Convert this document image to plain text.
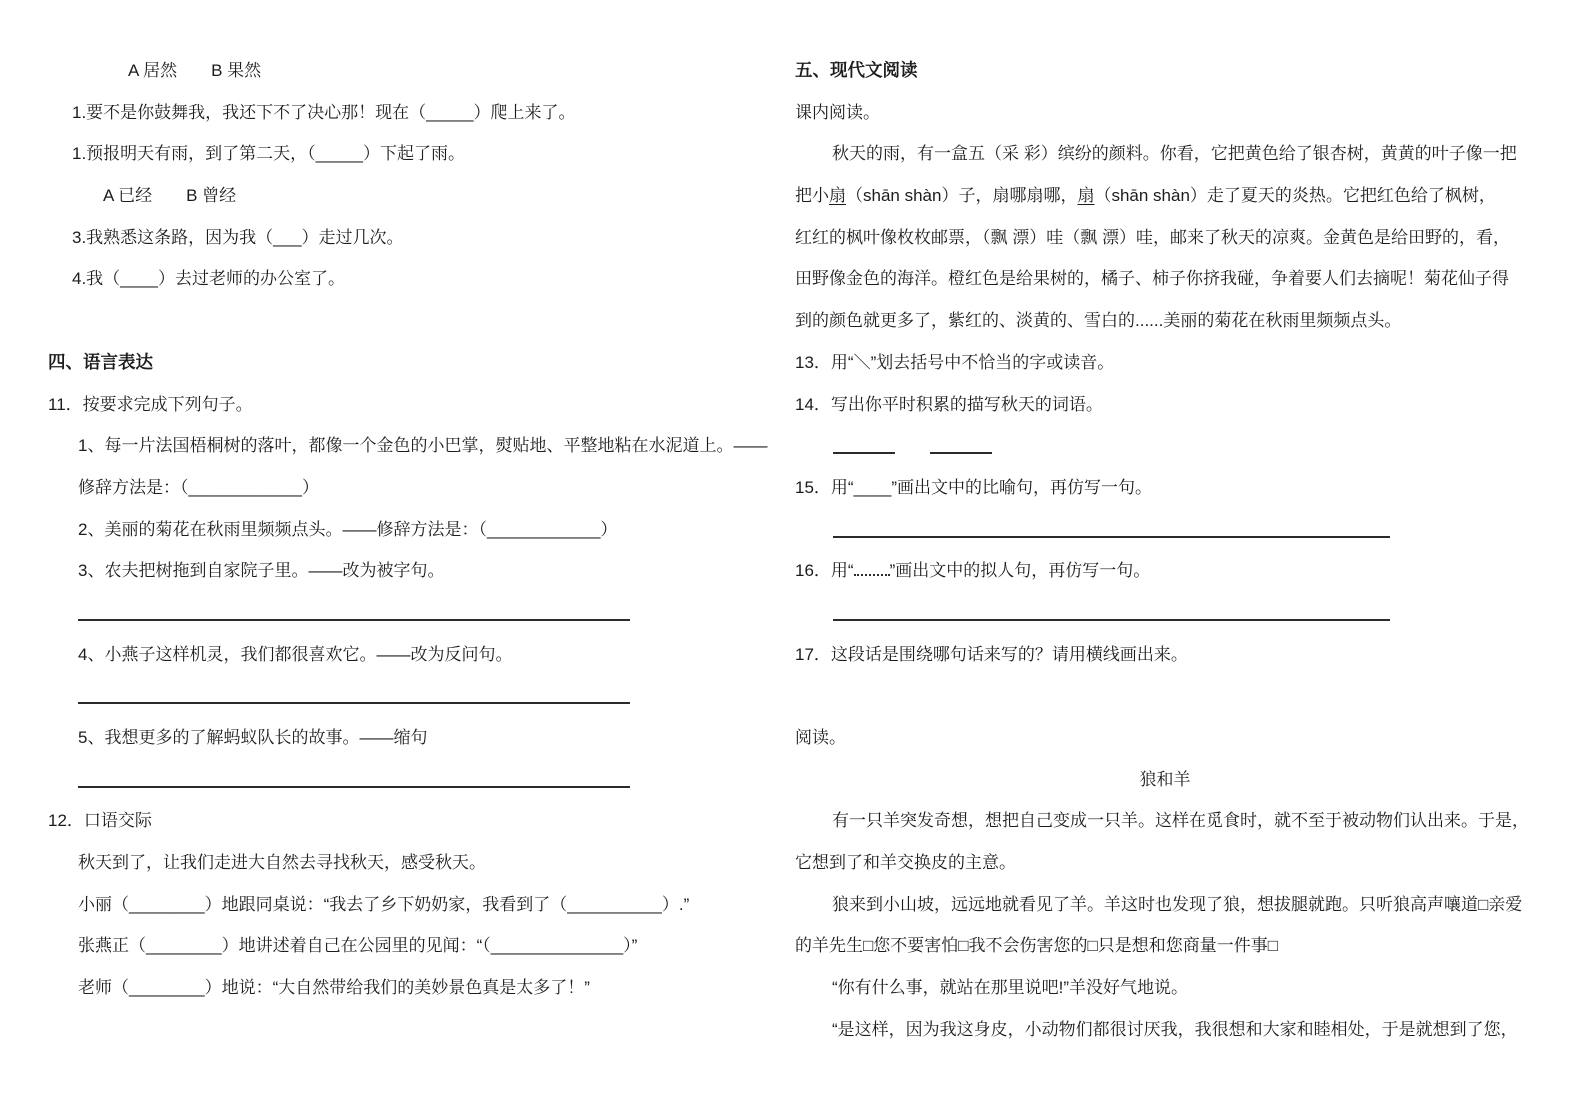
A 居然　　B 果然
1.要不是你鼓舞我，我还下不了决心那！现在（_____）爬上来了。
1.预报明天有雨，到了第二天，（_____）下起了雨。
A 已经　　B 曾经
3.我熟悉这条路，因为我（___）走过几次。
4.我（____）去过老师的办公室了。
四、语言表达
11．按要求完成下列句子。
1、每一片法国梧桐树的落叶，都像一个金色的小巴掌，熨贴地、平整地粘在水泥道上。——
修辞方法是：（____________）
2、美丽的菊花在秋雨里频频点头。——修辞方法是：（____________）
3、农夫把树拖到自家院子里。——改为被字句。
4、小燕子这样机灵，我们都很喜欢它。——改为反问句。
5、我想更多的了解蚂蚁队长的故事。——缩句
12．口语交际
秋天到了，让我们走进大自然去寻找秋天，感受秋天。
小丽（________）地跟同桌说：“我去了乡下奶奶家，我看到了（__________）.”
张燕正（________）地讲述着自己在公园里的见闻：“（______________）”
老师（________）地说：“大自然带给我们的美妙景色真是太多了！”
五、现代文阅读
课内阅读。
秋天的雨，有一盒五（采 彩）缤纷的颜料。你看，它把黄色给了银杏树，黄黄的叶子像一把
把小扇（shān shàn）子，扇哪扇哪，扇（shān shàn）走了夏天的炎热。它把红色给了枫树，
红红的枫叶像枚枚邮票，（飘 漂）哇（飘 漂）哇，邮来了秋天的凉爽。金黄色是给田野的，看，
田野像金色的海洋。橙红色是给果树的，橘子、柿子你挤我碰，争着要人们去摘呢！菊花仙子得
到的颜色就更多了，紫红的、淡黄的、雪白的......美丽的菊花在秋雨里频频点头。
13．用“＼”划去括号中不恰当的字或读音。
14．写出你平时积累的描写秋天的词语。
15．用“____”画出文中的比喻句，再仿写一句。
16．用“ ”画出文中的拟人句，再仿写一句。
17．这段话是围绕哪句话来写的？请用横线画出来。
阅读。
狼和羊
有一只羊突发奇想，想把自己变成一只羊。这样在觅食时，就不至于被动物们认出来。于是，
它想到了和羊交换皮的主意。
狼来到小山坡，远远地就看见了羊。羊这时也发现了狼，想拔腿就跑。只听狼高声嚷道□亲爱
的羊先生□您不要害怕□我不会伤害您的□只是想和您商量一件事□
“你有什么事，就站在那里说吧!”羊没好气地说。
“是这样，因为我这身皮，小动物们都很讨厌我，我很想和大家和睦相处，于是就想到了您，
